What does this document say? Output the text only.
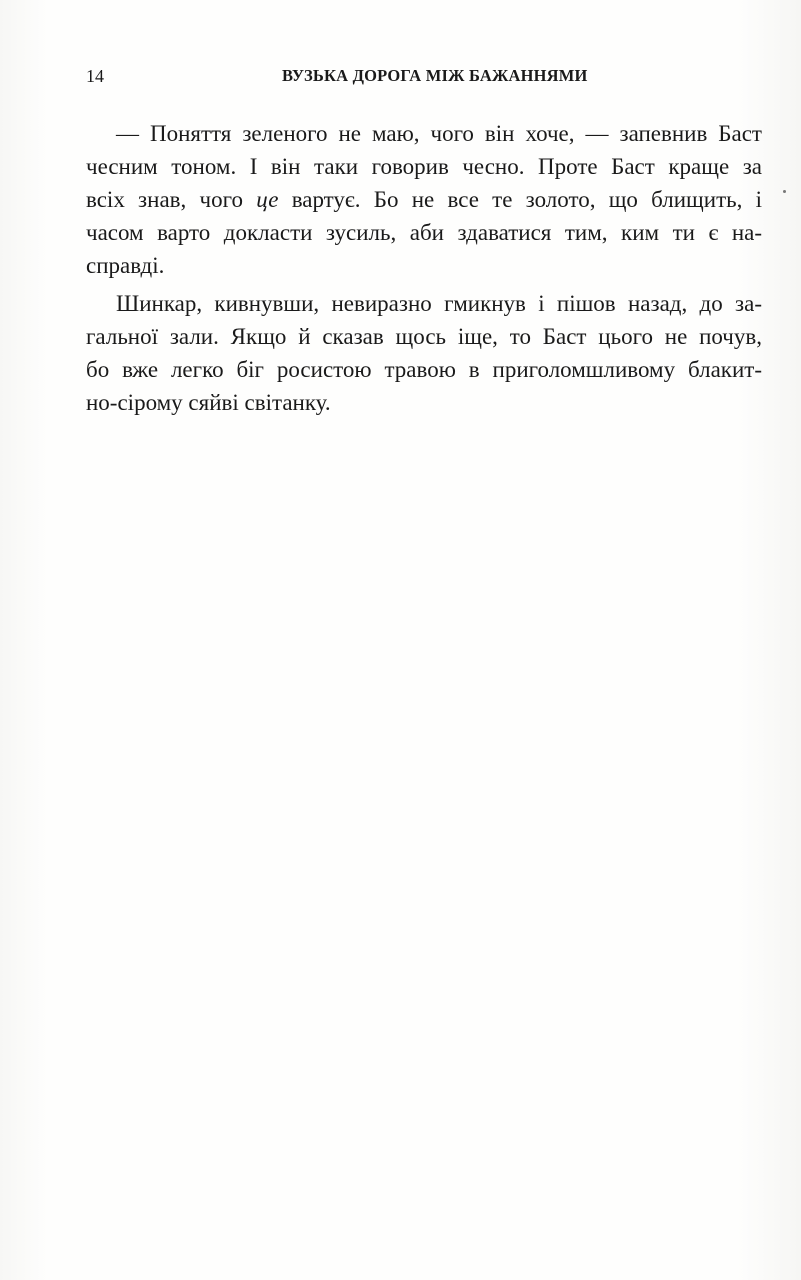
14	ВУЗЬКА ДОРОГА МІЖ БАЖАННЯМИ
— Поняття зеленого не маю, чого він хоче, — запевнив Баст
чесним тоном. І він таки говорив чесно. Проте Баст краще за
всіх знав, чого це вартує. Бо не все те золото, що блищить, і
часом варто докласти зусиль, аби здаватися тим, ким ти є на-
справді.
Шинкар, кивнувши, невиразно гмикнув і пішов назад, до за-
гальної зали. Якщо й сказав щось іще, то Баст цього не почув,
бо вже легко біг росистою травою в приголомшливому блакит-
но-сірому сяйві світанку.
